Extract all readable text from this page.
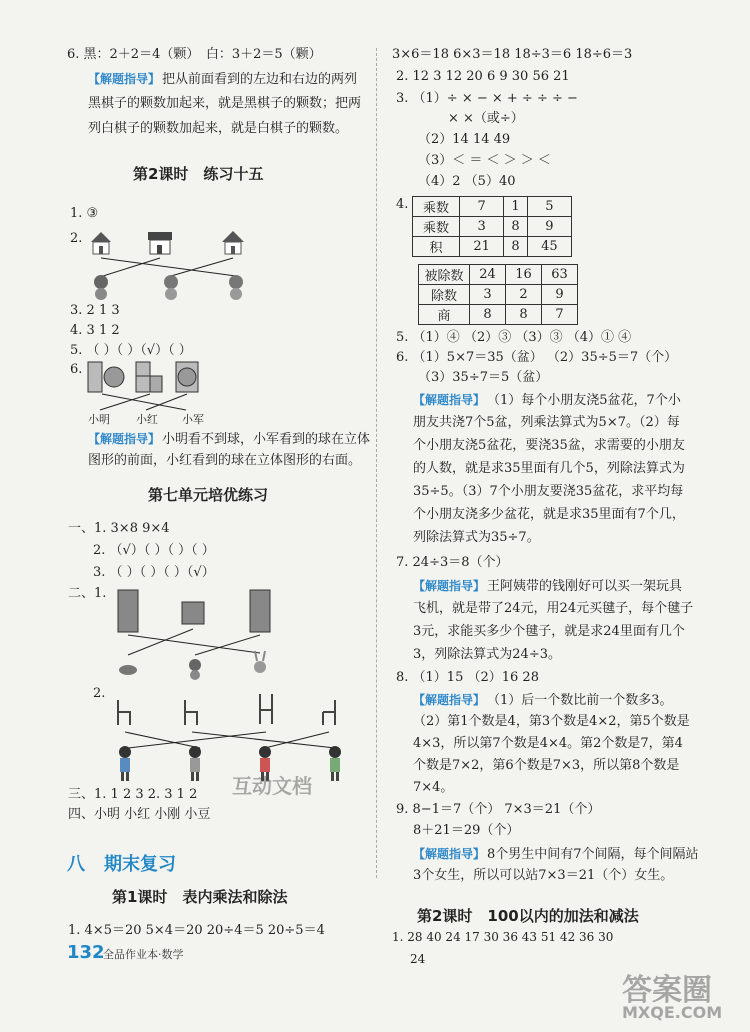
6. 黑：2＋2＝4（颗）　白：3＋2＝5（颗）
【解题指导】 把从前面看到的左边和右边的两列
黑棋子的颗数加起来，就是黑棋子的颗数；把两
列白棋子的颗数加起来，就是白棋子的颗数。
第2课时　练习十五
1. ③
2.
3. 2 1 3
4. 3 1 2
5. （ ）（ ）（√）（ ）
6.
小明 小红 小军
【解题指导】 小明看不到球，小军看到的球在立体
图形的前面，小红看到的球在立体图形的右面。
第七单元培优练习
一、1. 3×8 9×4
2. （√）（ ）（ ）（ ）
3. （ ）（ ）（ ）（√）
二、1.
2.
三、1. 1 2 3 2. 3 1 2
四、小明 小红 小刚 小豆
八 期末复习
第1课时　表内乘法和除法
1. 4×5＝20 5×4＝20 20÷4＝5 20÷5＝4
132
全品作业本·数学
3×6＝18 6×3＝18 18÷3＝6 18÷6＝3
2. 12 3 12 20 6 9 30 56 21
3. （1）÷ × − × + ÷ ÷ ÷ −
　　　　× ×（或÷）
（2）14 14 49
（3）＜ ＝ ＜ ＞ ＞ ＜
（4）2 （5）40
4. 乘数	7	1	5
乘数	3	8	9
积	21	8	45
被除数	24	16	63
除数	3	2	9
商	8	8	7
5. （1）④ （2）③ （3）③ （4）① ④
6. （1）5×7＝35（盆） （2）35÷5＝7（个）
（3）35÷7＝5（盆）
【解题指导】 （1）每个小朋友浇5盆花，7个小
朋友共浇7个5盆，列乘法算式为5×7。（2）每
个小朋友浇5盆花，要浇35盆，求需要的小朋友
的人数，就是求35里面有几个5，列除法算式为
35÷5。（3）7个小朋友要浇35盆花，求平均每
个小朋友浇多少盆花，就是求35里面有7个几，
列除法算式为35÷7。
7. 24÷3＝8（个）
【解题指导】 王阿姨带的钱刚好可以买一架玩具
飞机，就是带了24元，用24元买毽子，每个毽子
3元，求能买多少个毽子，就是求24里面有几个
3，列除法算式为24÷3。
8. （1）15 （2）16 28
【解题指导】 （1）后一个数比前一个数多3。
（2）第1个数是4，第3个数是4×2，第5个数是
4×3，所以第7个数是4×4。第2个数是7，第4
个数是7×2，第6个数是7×3，所以第8个数是
7×4。
9. 8−1＝7（个） 7×3＝21（个）
8＋21＝29（个）
【解题指导】 8个男生中间有7个间隔，每个间隔站
3个女生，所以可以站7×3＝21（个）女生。
第2课时　100以内的加法和减法
1. 28 40 24 17 30 36 43 51 42 36 30
24
互动文档
答案圈
MXQE.COM
